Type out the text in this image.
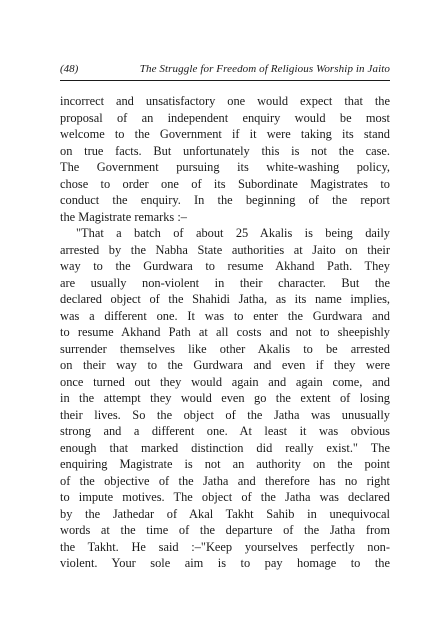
(48)	The Struggle for Freedom of Religious Worship in Jaito
incorrect and unsatisfactory one would expect that the
proposal of an independent enquiry would be most
welcome to the Government if it were taking its stand
on true facts. But unfortunately this is not the case.
The Government pursuing its white-washing policy,
chose to order one of its Subordinate Magistrates to
conduct the enquiry. In the beginning of the report
the Magistrate remarks :–
"That a batch of about 25 Akalis is being daily
arrested by the Nabha State authorities at Jaito on their
way to the Gurdwara to resume Akhand Path. They
are usually non-violent in their character. But the
declared object of the Shahidi Jatha, as its name implies,
was a different one. It was to enter the Gurdwara and
to resume Akhand Path at all costs and not to sheepishly
surrender themselves like other Akalis to be arrested
on their way to the Gurdwara and even if they were
once turned out they would again and again come, and
in the attempt they would even go the extent of losing
their lives. So the object of the Jatha was unusually
strong and a different one. At least it was obvious
enough that marked distinction did really exist." The
enquiring Magistrate is not an authority on the point
of the objective of the Jatha and therefore has no right
to impute motives. The object of the Jatha was declared
by the Jathedar of Akal Takht Sahib in unequivocal
words at the time of the departure of the Jatha from
the Takht. He said :–"Keep yourselves perfectly non-
violent. Your sole aim is to pay homage to the
